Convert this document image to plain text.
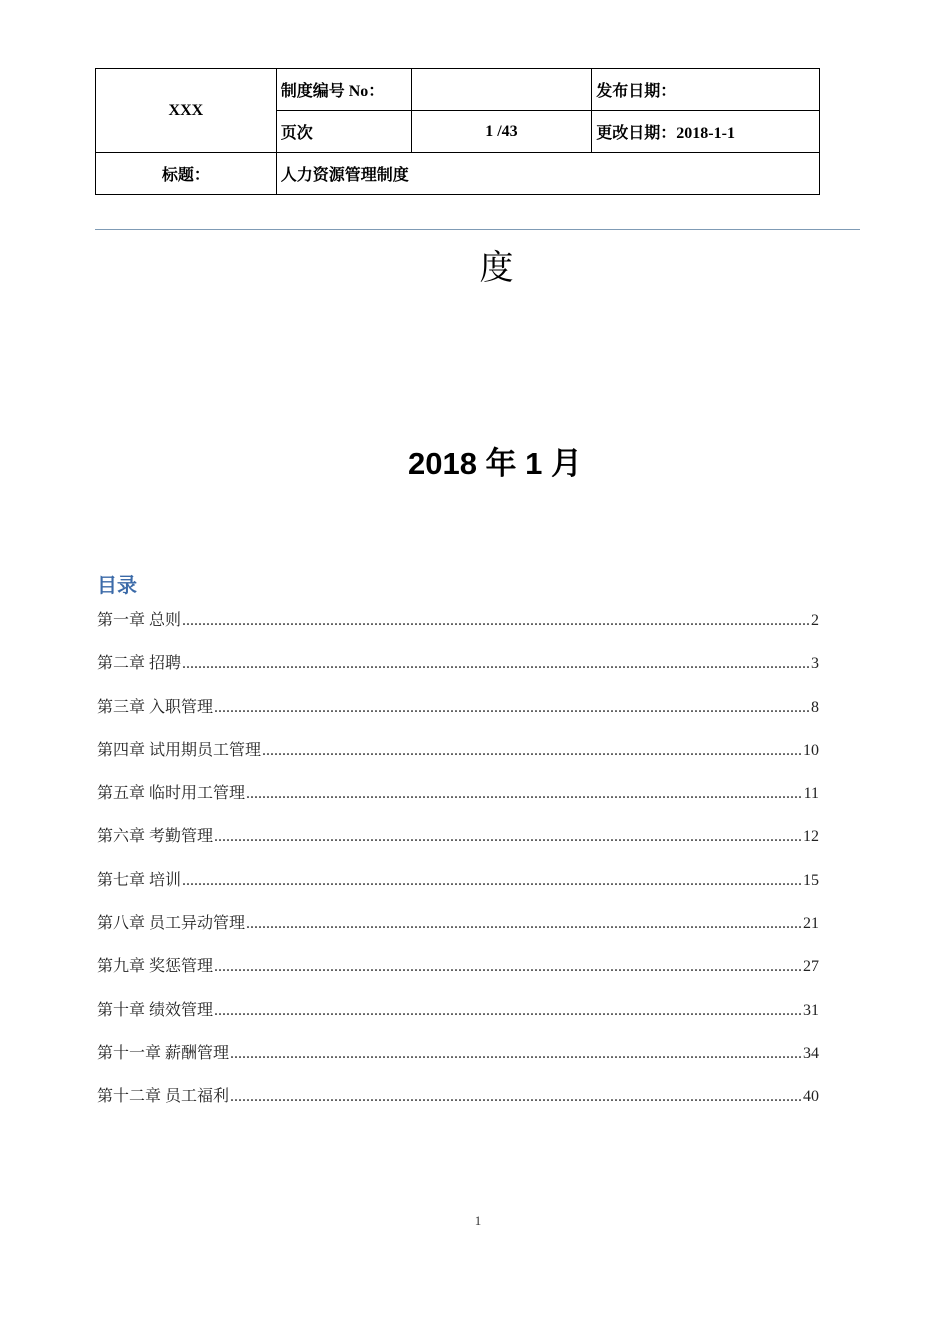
XXX	制度编号 No：		发布日期：
	页次	1 /43	更改日期：2018-1-1
标题：	人力资源管理制度		
度
2018 年 1 月
目录
第一章 总则 .....	2
第二章 招聘 .....	3
第三章 入职管理 .....	8
第四章 试用期员工管理 .....	10
第五章 临时用工管理 .....	11
第六章 考勤管理 .....	12
第七章 培训 .....	15
第八章 员工异动管理 .....	21
第九章 奖惩管理 .....	27
第十章 绩效管理 .....	31
第十一章 薪酬管理 .....	34
第十二章 员工福利 .....	40
1
